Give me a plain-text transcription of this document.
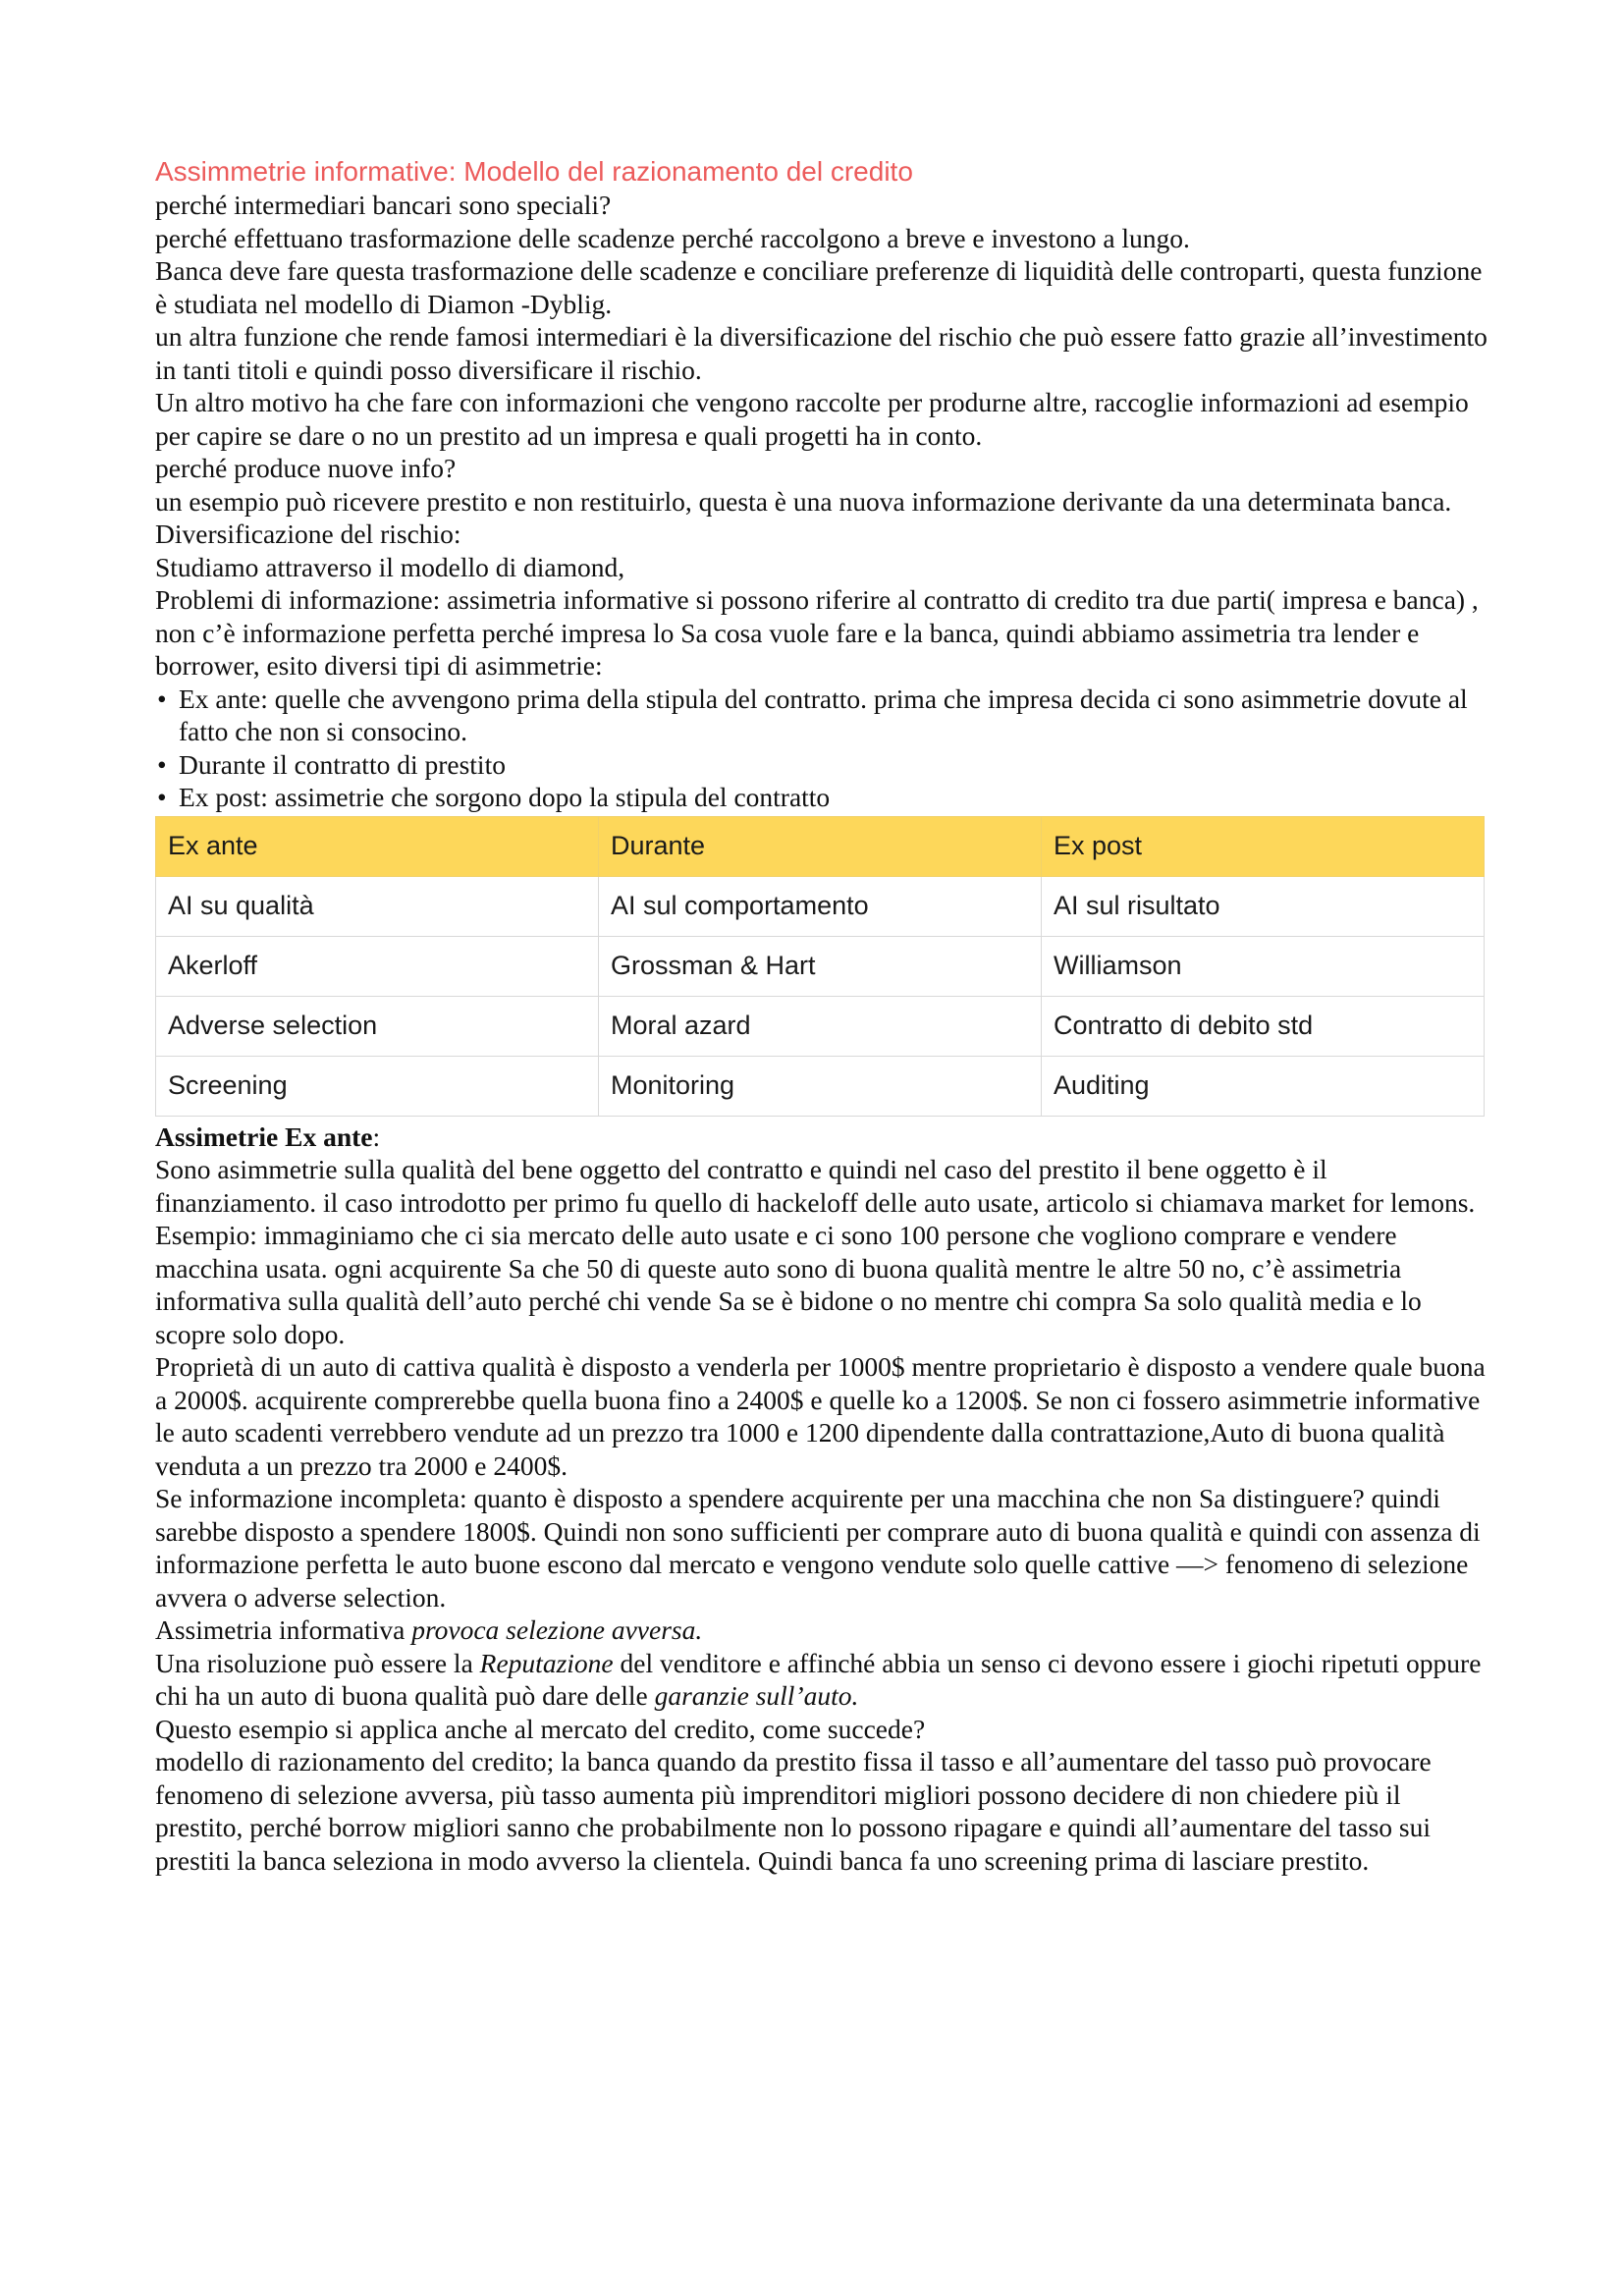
Assimmetrie informative: Modello del razionamento del credito

perché intermediari bancari sono speciali?

perché effettuano trasformazione delle scadenze perché raccolgono a breve e investono a lungo.

Banca deve fare questa trasformazione delle scadenze e conciliare preferenze di liquidità delle controparti, questa funzione è studiata nel modello di Diamon -Dyblig.

un altra funzione che rende famosi intermediari è la diversificazione del rischio che può essere fatto grazie all’investimento in tanti titoli e quindi posso diversificare il rischio.

Un altro motivo ha che fare con informazioni che vengono raccolte per produrne altre, raccoglie informazioni ad esempio per capire se dare o no un prestito ad un impresa e quali progetti ha in conto.

perché produce nuove info?

un esempio può ricevere prestito e non restituirlo, questa è una nuova informazione derivante da una determinata banca.

Diversificazione del rischio:

Studiamo attraverso il modello di diamond,

Problemi di informazione: assimetria informative si possono riferire al contratto di credito tra due parti( impresa e banca) , non c’è informazione perfetta perché impresa lo Sa cosa vuole fare e la banca, quindi abbiamo assimetria tra lender e borrower, esito diversi tipi di asimmetrie:

• Ex ante: quelle che avvengono prima della stipula del contratto. prima che impresa decida ci sono asimmetrie dovute al fatto che non si consocino.
• Durante il contratto di prestito
• Ex post: assimetrie che sorgono dopo la stipula del contratto
Ex ante	Durante	Ex post
AI su qualità	AI sul comportamento	AI sul risultato
Akerloff	Grossman & Hart	Williamson
Adverse selection	Moral azard	Contratto di debito std
Screening	Monitoring	Auditing

Assimetrie Ex ante:

Sono asimmetrie sulla qualità del bene oggetto del contratto e quindi nel caso del prestito il bene oggetto è il finanziamento. il caso introdotto per primo fu quello di hackeloff delle auto usate, articolo si chiamava market for lemons. Esempio: immaginiamo che ci sia mercato delle auto usate e ci sono 100 persone che vogliono comprare e vendere macchina usata. ogni acquirente Sa che 50 di queste auto sono di buona qualità mentre le altre 50 no, c’è assimetria informativa sulla qualità dell’auto perché chi vende Sa se è bidone o no mentre chi compra Sa solo qualità media e lo scopre solo dopo.

Proprietà di un auto di cattiva qualità è disposto a venderla per 1000$ mentre proprietario è disposto a vendere quale buona a 2000$. acquirente comprerebbe quella buona fino a 2400$ e quelle ko a 1200$. Se non ci fossero asimmetrie informative le auto scadenti verrebbero vendute ad un prezzo tra 1000 e 1200 dipendente dalla contrattazione,Auto di buona qualità venduta a un prezzo tra 2000 e 2400$.

Se informazione incompleta: quanto è disposto a spendere acquirente per una macchina che non Sa distinguere? quindi sarebbe disposto a spendere 1800$. Quindi non sono sufficienti per comprare auto di buona qualità e quindi con assenza di informazione perfetta le auto buone escono dal mercato e vengono vendute solo quelle cattive —> fenomeno di selezione avvera o adverse selection.

Assimetria informativa provoca selezione avversa.

Una risoluzione può essere la Reputazione del venditore e affinché abbia un senso ci devono essere i giochi ripetuti oppure chi ha un auto di buona qualità può dare delle garanzie sull’auto.

Questo esempio si applica anche al mercato del credito, come succede?

modello di razionamento del credito; la banca quando da prestito fissa il tasso e all’aumentare del tasso può provocare fenomeno di selezione avversa, più tasso aumenta più imprenditori migliori possono decidere di non chiedere più il prestito, perché borrow migliori sanno che probabilmente non lo possono ripagare e quindi all’aumentare del tasso sui prestiti la banca seleziona in modo avverso la clientela. Quindi banca fa uno screening prima di lasciare prestito.
